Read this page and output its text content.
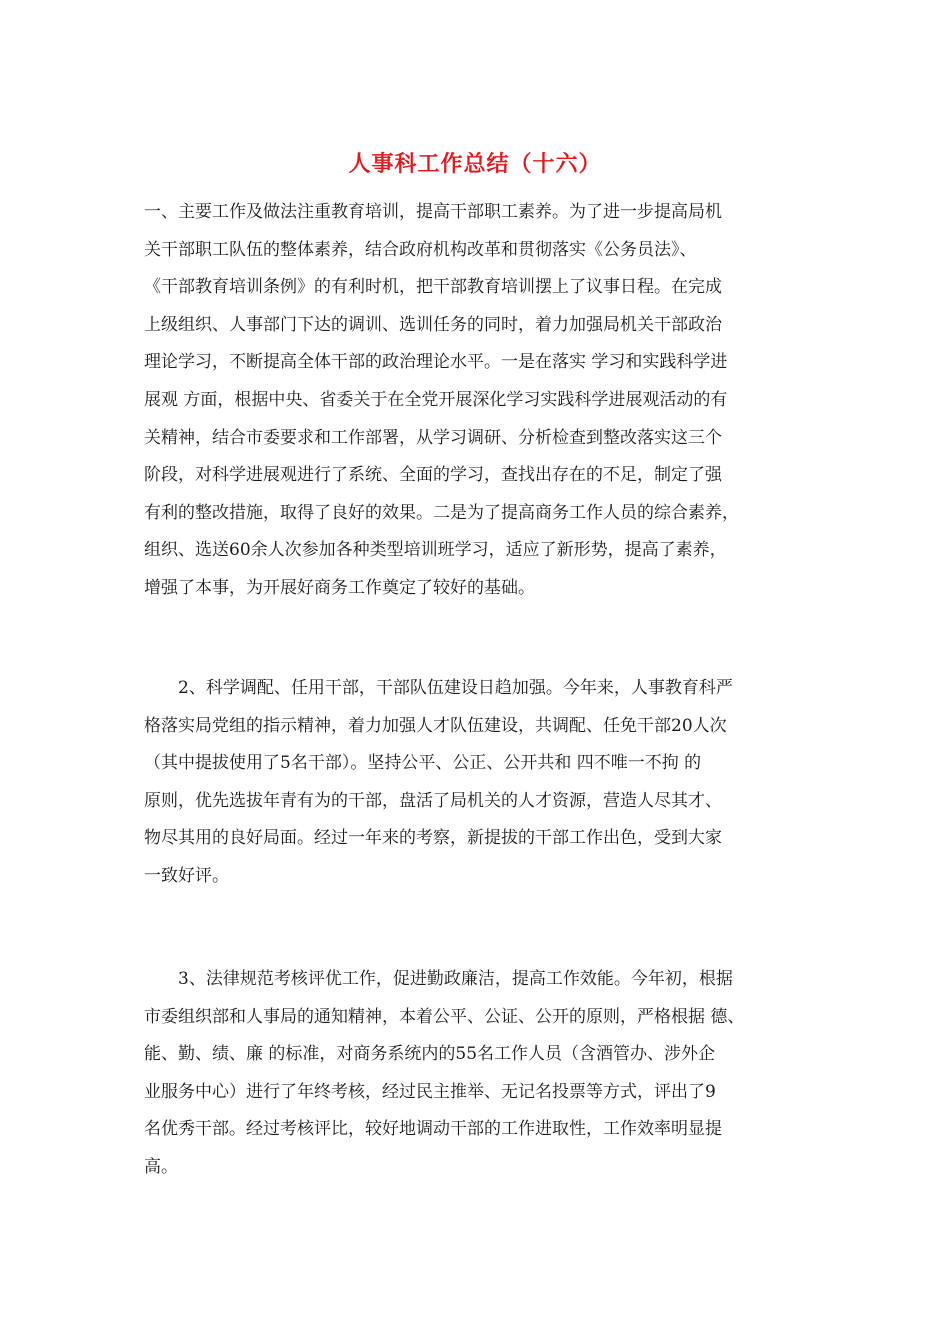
人事科工作总结（十六）

一、主要工作及做法注重教育培训，提高干部职工素养。为了进一步提高局机
关干部职工队伍的整体素养，结合政府机构改革和贯彻落实《公务员法》、
《干部教育培训条例》的有利时机，把干部教育培训摆上了议事日程。在完成
上级组织、人事部门下达的调训、选训任务的同时，着力加强局机关干部政治
理论学习，不断提高全体干部的政治理论水平。一是在落实 学习和实践科学进
展观 方面，根据中央、省委关于在全党开展深化学习实践科学进展观活动的有
关精神，结合市委要求和工作部署，从学习调研、分析检查到整改落实这三个
阶段，对科学进展观进行了系统、全面的学习，查找出存在的不足，制定了强
有利的整改措施，取得了良好的效果。二是为了提高商务工作人员的综合素养，
组织、选送60余人次参加各种类型培训班学习，适应了新形势，提高了素养，
增强了本事，为开展好商务工作奠定了较好的基础。

2、科学调配、任用干部，干部队伍建设日趋加强。今年来，人事教育科严
格落实局党组的指示精神，着力加强人才队伍建设，共调配、任免干部20人次
（其中提拔使用了5名干部）。坚持公平、公正、公开共和 四不唯一不拘 的
原则，优先选拔年青有为的干部，盘活了局机关的人才资源，营造人尽其才、
物尽其用的良好局面。经过一年来的考察，新提拔的干部工作出色，受到大家
一致好评。

3、法律规范考核评优工作，促进勤政廉洁，提高工作效能。今年初，根据
市委组织部和人事局的通知精神，本着公平、公证、公开的原则，严格根据 德、
能、勤、绩、廉 的标准，对商务系统内的55名工作人员（含酒管办、涉外企
业服务中心）进行了年终考核，经过民主推举、无记名投票等方式，评出了9
名优秀干部。经过考核评比，较好地调动干部的工作进取性，工作效率明显提
高。
